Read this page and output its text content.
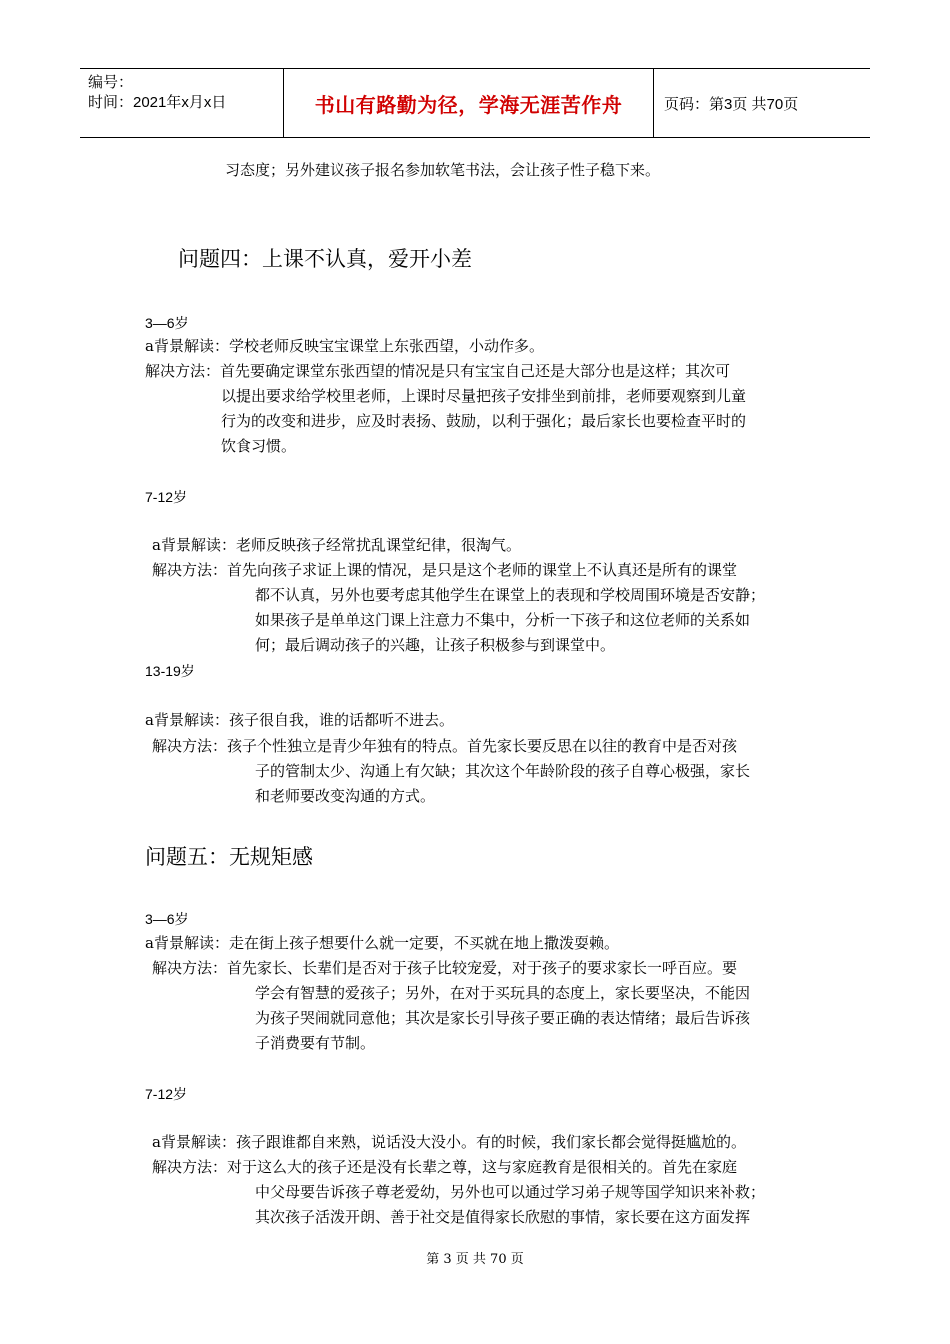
编号：
时间：2021年x月x日	书山有路勤为径，学海无涯苦作舟	页码：第3页 共70页
习态度；另外建议孩子报名参加软笔书法，会让孩子性子稳下来。
问题四：上课不认真，爱开小差
3—6岁
a背景解读：学校老师反映宝宝课堂上东张西望，小动作多。
解决方法：首先要确定课堂东张西望的情况是只有宝宝自己还是大部分也是这样；其次可
以提出要求给学校里老师，上课时尽量把孩子安排坐到前排，老师要观察到儿童
行为的改变和进步，应及时表扬、鼓励，以利于强化；最后家长也要检查平时的
饮食习惯。
7-12岁
a背景解读：老师反映孩子经常扰乱课堂纪律，很淘气。
解决方法：首先向孩子求证上课的情况，是只是这个老师的课堂上不认真还是所有的课堂
都不认真，另外也要考虑其他学生在课堂上的表现和学校周围环境是否安静；
如果孩子是单单这门课上注意力不集中，分析一下孩子和这位老师的关系如
何；最后调动孩子的兴趣，让孩子积极参与到课堂中。
13-19岁
a背景解读：孩子很自我，谁的话都听不进去。
解决方法：孩子个性独立是青少年独有的特点。首先家长要反思在以往的教育中是否对孩
子的管制太少、沟通上有欠缺；其次这个年龄阶段的孩子自尊心极强，家长
和老师要改变沟通的方式。
问题五：无规矩感
3—6岁
a背景解读：走在街上孩子想要什么就一定要，不买就在地上撒泼耍赖。
解决方法：首先家长、长辈们是否对于孩子比较宠爱，对于孩子的要求家长一呼百应。要
学会有智慧的爱孩子；另外，在对于买玩具的态度上，家长要坚决，不能因
为孩子哭闹就同意他；其次是家长引导孩子要正确的表达情绪；最后告诉孩
子消费要有节制。
7-12岁
a背景解读：孩子跟谁都自来熟，说话没大没小。有的时候，我们家长都会觉得挺尴尬的。
解决方法：对于这么大的孩子还是没有长辈之尊，这与家庭教育是很相关的。首先在家庭
中父母要告诉孩子尊老爱幼，另外也可以通过学习弟子规等国学知识来补救；
其次孩子活泼开朗、善于社交是值得家长欣慰的事情，家长要在这方面发挥
第 3 页 共 70 页
